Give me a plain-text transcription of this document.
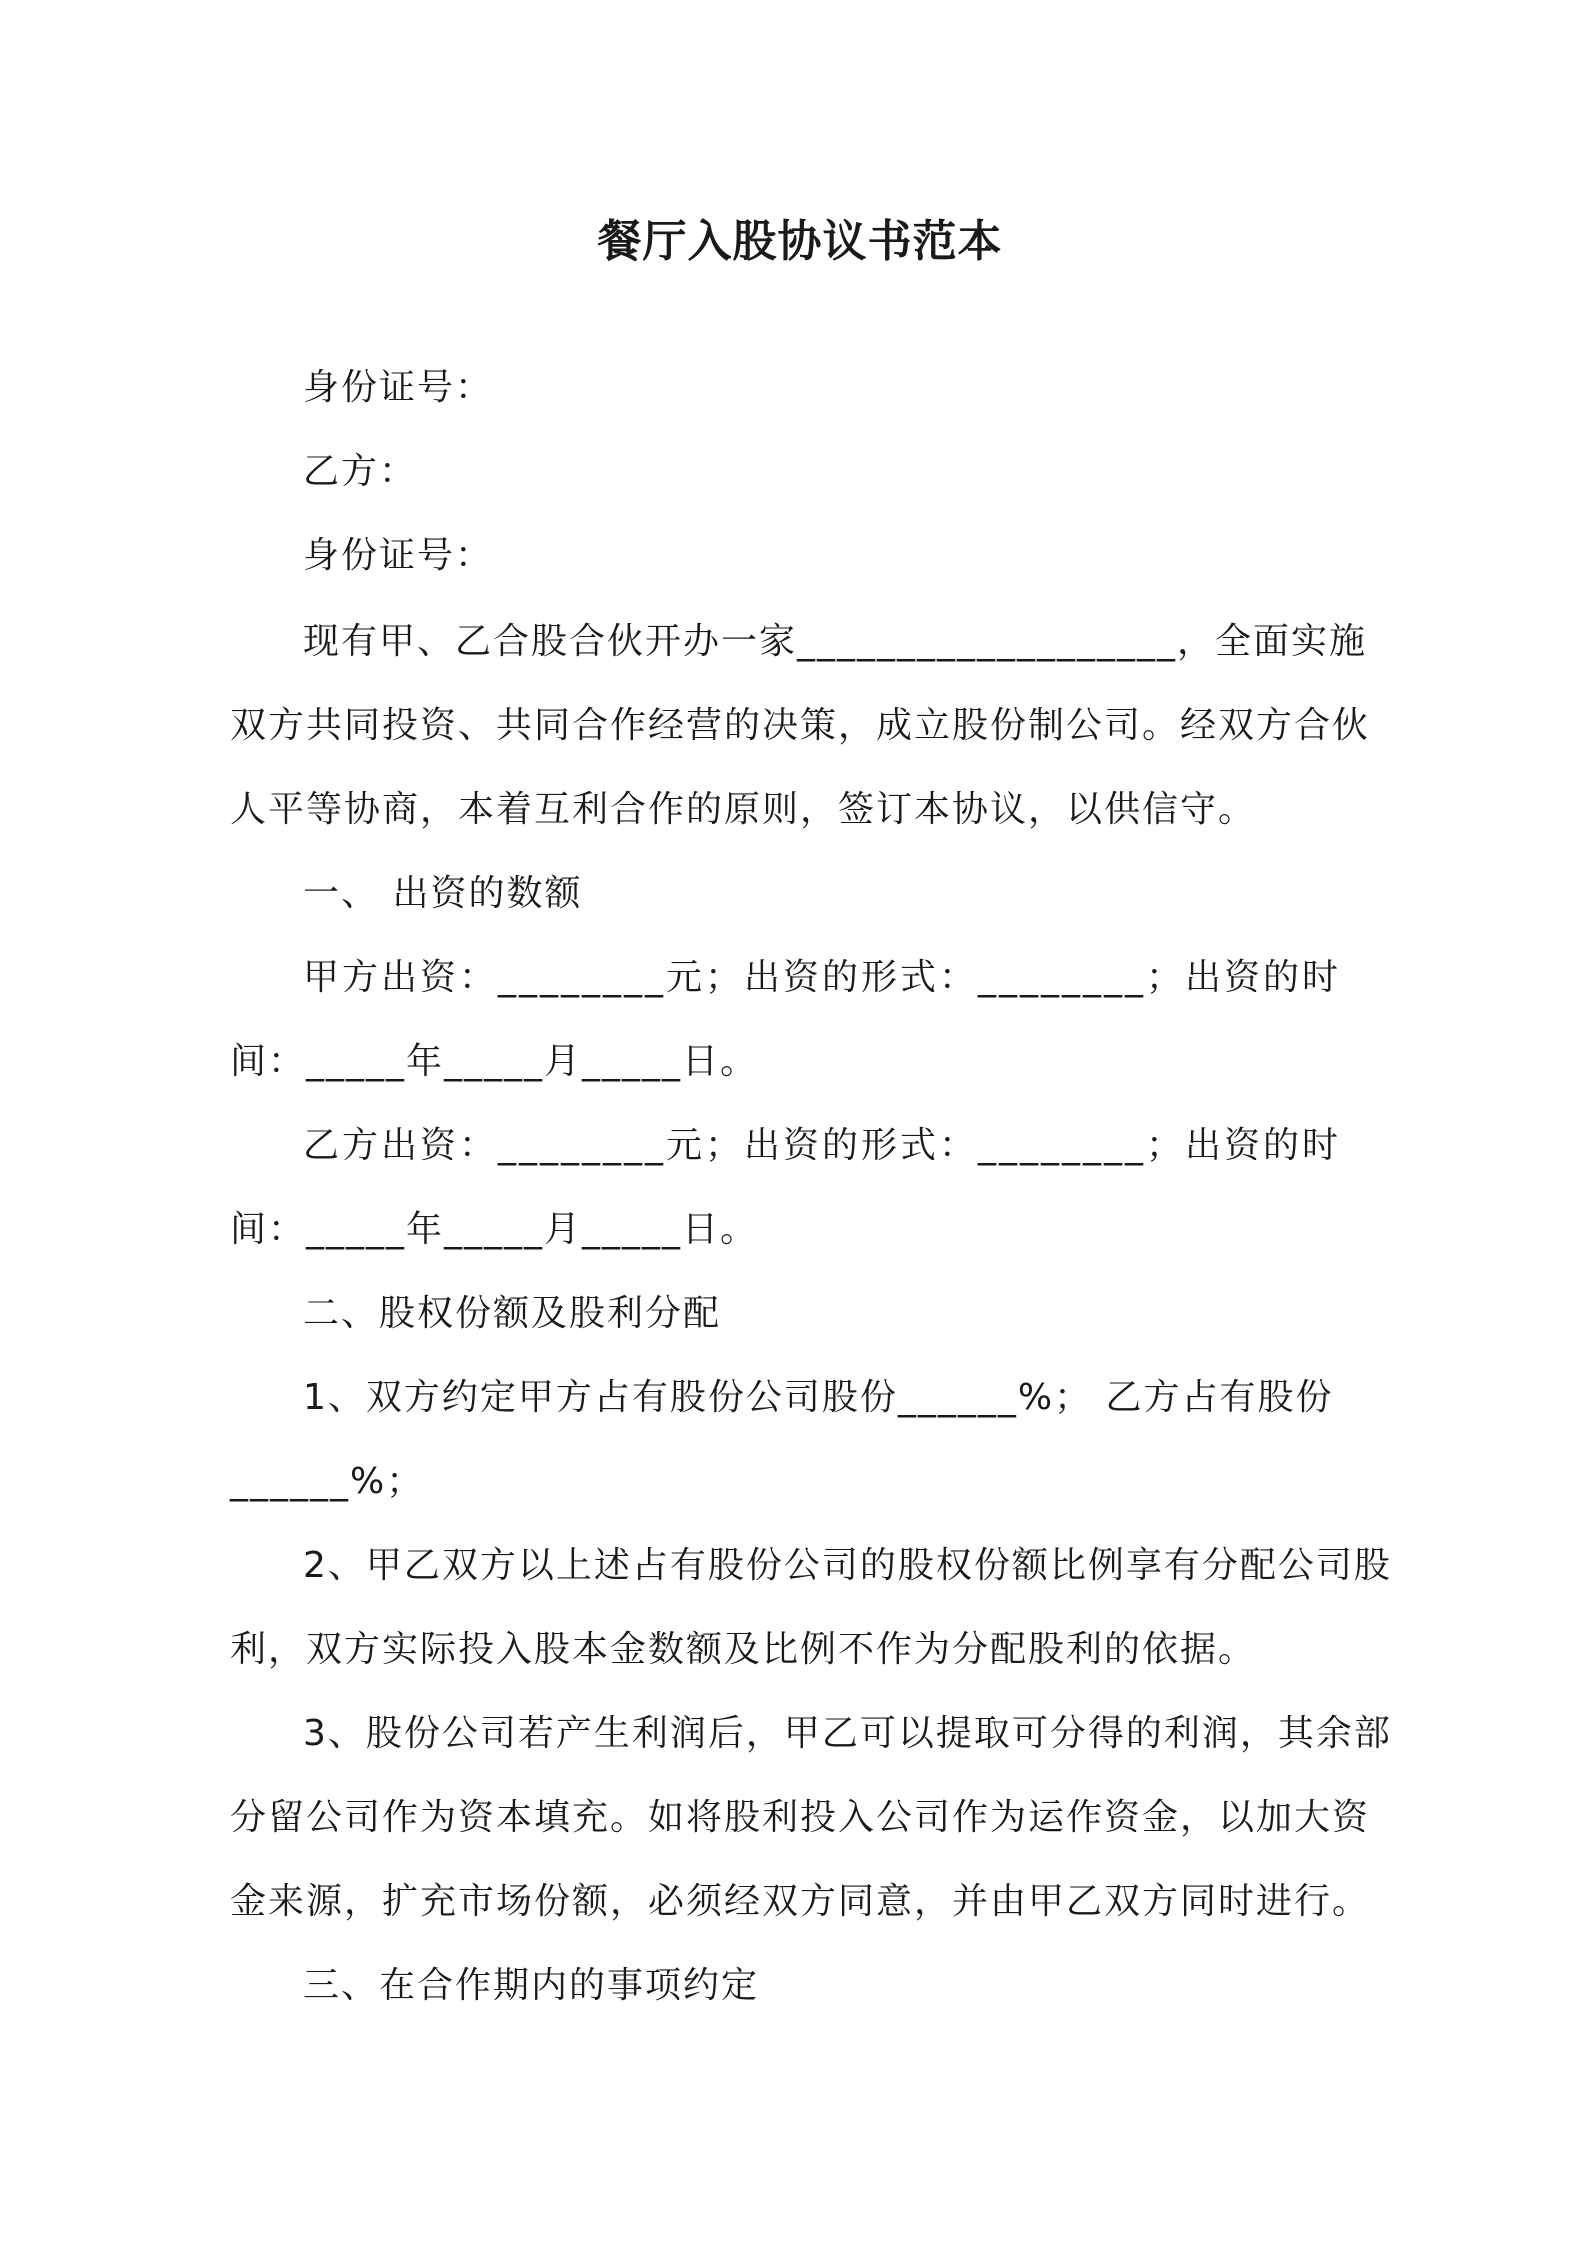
餐厅入股协议书范本
身份证号：
乙方：
身份证号：
现有甲、乙合股合伙开办一家___________________，全面实施
双方共同投资、共同合作经营的决策，成立股份制公司。经双方合伙
人平等协商，本着互利合作的原则，签订本协议，以供信守。
一、 出资的数额
甲方出资：________元；出资的形式：________；出资的时
间：_____年_____月_____日。
乙方出资：________元；出资的形式：________；出资的时
间：_____年_____月_____日。
二、股权份额及股利分配
1、双方约定甲方占有股份公司股份______%； 乙方占有股份
______%；
2、甲乙双方以上述占有股份公司的股权份额比例享有分配公司股
利，双方实际投入股本金数额及比例不作为分配股利的依据。
3、股份公司若产生利润后，甲乙可以提取可分得的利润，其余部
分留公司作为资本填充。如将股利投入公司作为运作资金，以加大资
金来源，扩充市场份额，必须经双方同意，并由甲乙双方同时进行。
三、在合作期内的事项约定
